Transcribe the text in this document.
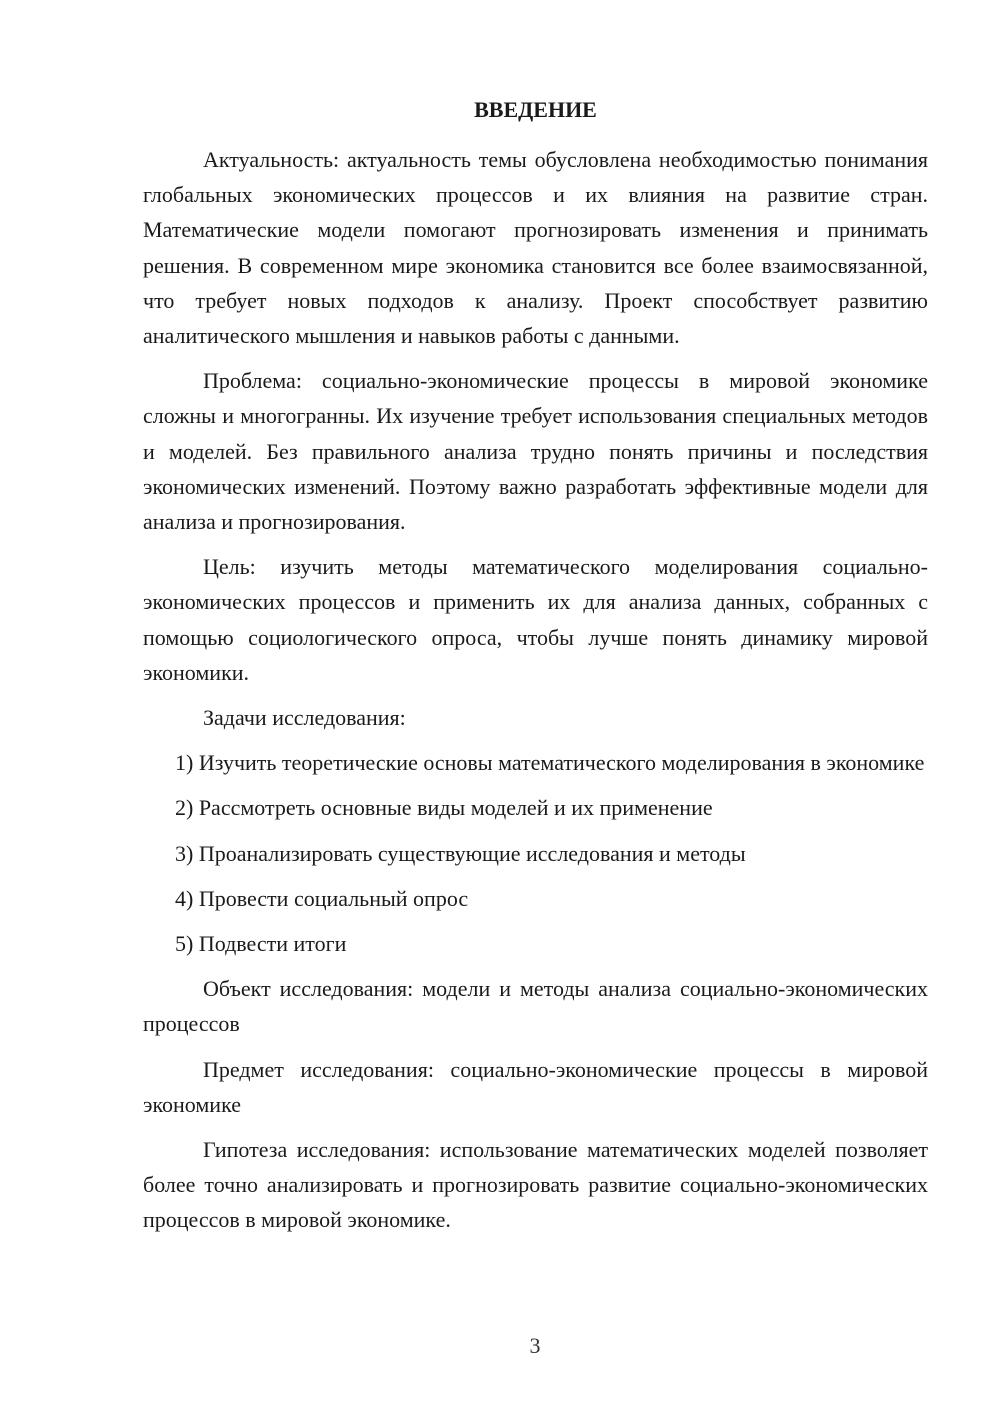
ВВЕДЕНИЕ

Актуальность: актуальность темы обусловлена необходимостью понимания глобальных экономических процессов и их влияния на развитие стран. Математические модели помогают прогнозировать изменения и принимать решения. В современном мире экономика становится все более взаимосвязанной, что требует новых подходов к анализу. Проект способствует развитию аналитического мышления и навыков работы с данными.

Проблема: социально-экономические процессы в мировой экономике сложны и многогранны. Их изучение требует использования специальных методов и моделей. Без правильного анализа трудно понять причины и последствия экономических изменений. Поэтому важно разработать эффективные модели для анализа и прогнозирования.

Цель: изучить методы математического моделирования социально-экономических процессов и применить их для анализа данных, собранных с помощью социологического опроса, чтобы лучше понять динамику мировой экономики.

Задачи исследования:

1) Изучить теоретические основы математического моделирования в экономике

2) Рассмотреть основные виды моделей и их применение

3) Проанализировать существующие исследования и методы

4) Провести социальный опрос

5) Подвести итоги

Объект исследования: модели и методы анализа социально-экономических процессов

Предмет исследования: социально-экономические процессы в мировой экономике

Гипотеза исследования: использование математических моделей позволяет более точно анализировать и прогнозировать развитие социально-экономических процессов в мировой экономике.

3
